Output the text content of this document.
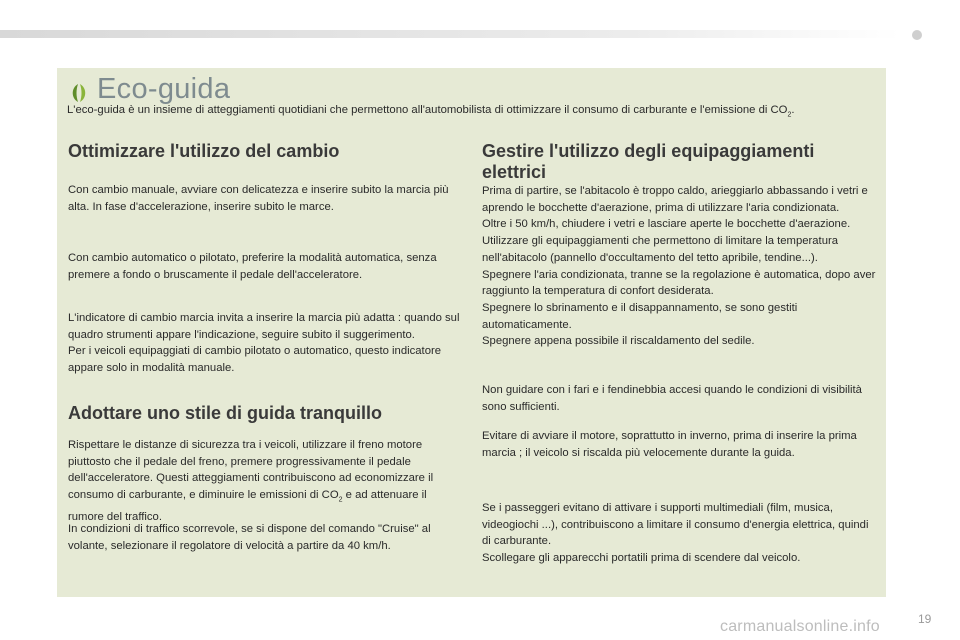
Eco-guida

L'eco-guida è un insieme di atteggiamenti quotidiani che permettono all'automobilista di ottimizzare il consumo di carburante e l'emissione di $CO_2$.

Ottimizzare l'utilizzo del cambio

Con cambio manuale, avviare con delicatezza e inserire subito la marcia più alta. In fase d'accelerazione, inserire subito le marce.

Con cambio automatico o pilotato, preferire la modalità automatica, senza premere a fondo o bruscamente il pedale dell'acceleratore.

L'indicatore di cambio marcia invita a inserire la marcia più adatta : quando sul quadro strumenti appare l'indicazione, seguire subito il suggerimento.
Per i veicoli equipaggiati di cambio pilotato o automatico, questo indicatore appare solo in modalità manuale.
Adottare uno stile di guida tranquillo

Rispettare le distanze di sicurezza tra i veicoli, utilizzare il freno motore piuttosto che il pedale del freno, premere progressivamente il pedale dell'acceleratore. Questi atteggiamenti contribuiscono ad economizzare il consumo di carburante, e diminuire le emissioni di $CO_2$ e ad attenuare il rumore del traffico.

In condizioni di traffico scorrevole, se si dispone del comando "Cruise" al volante, selezionare il regolatore di velocità a partire da 40 km/h.

Gestire l'utilizzo degli equipaggiamenti elettrici
Prima di partire, se l'abitacolo è troppo caldo, arieggiarlo abbassando i vetri e aprendo le bocchette d'aerazione, prima di utilizzare l'aria condizionata.
Oltre i 50 km/h, chiudere i vetri e lasciare aperte le bocchette d'aerazione.
Utilizzare gli equipaggiamenti che permettono di limitare la temperatura nell'abitacolo (pannello d'occultamento del tetto apribile, tendine...).
Spegnere l'aria condizionata, tranne se la regolazione è automatica, dopo aver raggiunto la temperatura di confort desiderata.
Spegnere lo sbrinamento e il disappannamento, se sono gestiti automaticamente.
Spegnere appena possibile il riscaldamento del sedile.

Non guidare con i fari e i fendinebbia accesi quando le condizioni di visibilità sono sufficienti.

Evitare di avviare il motore, soprattutto in inverno, prima di inserire la prima marcia ; il veicolo si riscalda più velocemente durante la guida.

Se i passeggeri evitano di attivare i supporti multimediali (film, musica, videogiochi ...), contribuiscono a limitare il consumo d'energia elettrica, quindi di carburante.
Scollegare gli apparecchi portatili prima di scendere dal veicolo.
19
carmanualsonline.info
